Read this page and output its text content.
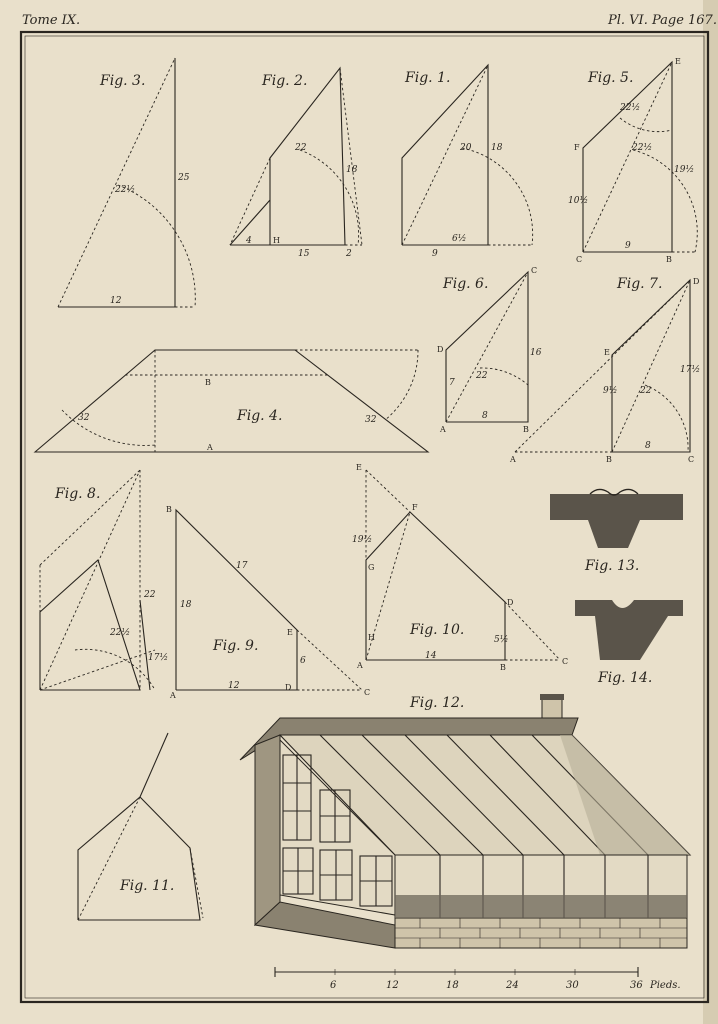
Tome IX.	Pl. VI. Page 167.
Fig. 3.
22½
25
12
Fig. 2.
22
18
4	H
15	2
Fig. 1.
20 18
6½
9
Fig. 5.
E
F
22½
22½
10½
19½
9
C	B
Fig. 4.
B
A
32	32
Fig. 6.
C
D	16
7
22
8
A	B
Fig. 7.	D
E
17½
9½	22
8
A	B	C
Fig. 8.
22
22½
17½
Fig. 9.
B
17
18
E
6
12
A
D
C
Fig. 10.
E
F
19½
G
H
D
5½
14
A	B
C
Fig. 13.
Fig. 14.
Fig. 11.
Fig. 12.
6	12	18	24	30	36 Pieds.
